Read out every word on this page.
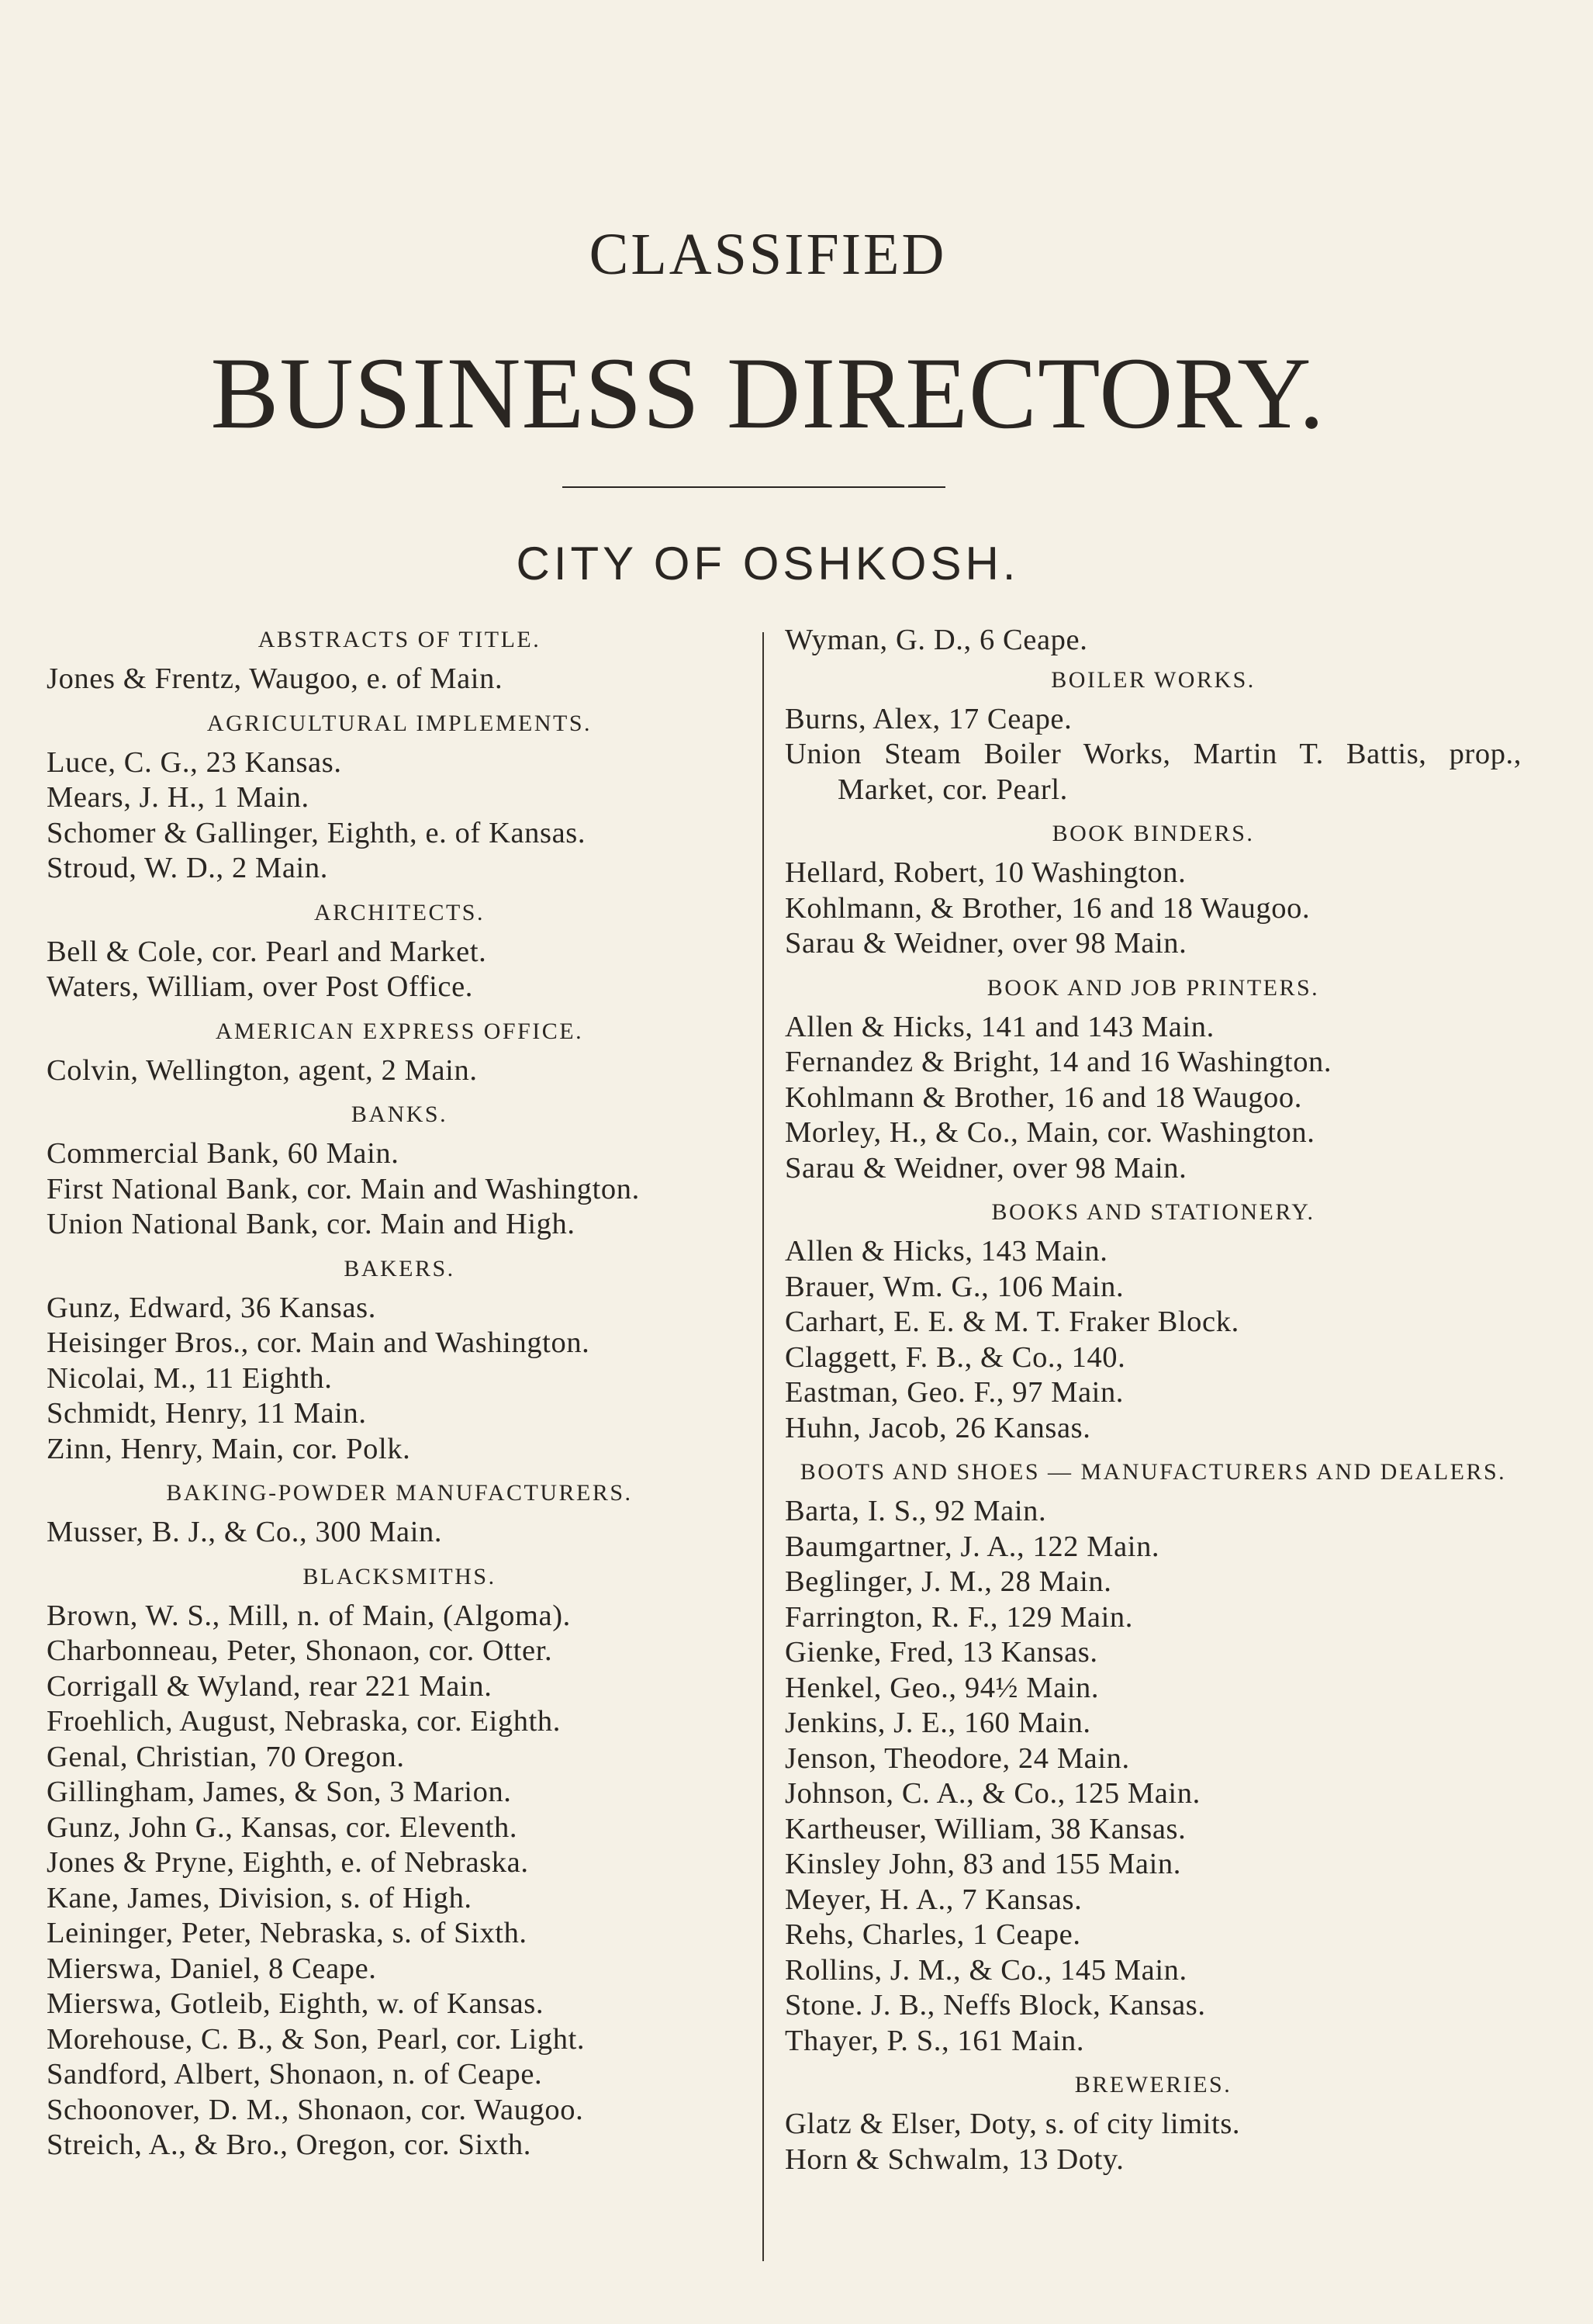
CLASSIFIED
BUSINESS DIRECTORY.
CITY OF OSHKOSH.
ABSTRACTS OF TITLE.
Jones & Frentz, Waugoo, e. of Main.
AGRICULTURAL IMPLEMENTS.
Luce, C. G., 23 Kansas.
Mears, J. H., 1 Main.
Schomer & Gallinger, Eighth, e. of Kansas.
Stroud, W. D., 2 Main.
ARCHITECTS.
Bell & Cole, cor. Pearl and Market.
Waters, William, over Post Office.
AMERICAN EXPRESS OFFICE.
Colvin, Wellington, agent, 2 Main.
BANKS.
Commercial Bank, 60 Main.
First National Bank, cor. Main and Washington.
Union National Bank, cor. Main and High.
BAKERS.
Gunz, Edward, 36 Kansas.
Heisinger Bros., cor. Main and Washington.
Nicolai, M., 11 Eighth.
Schmidt, Henry, 11 Main.
Zinn, Henry, Main, cor. Polk.
BAKING-POWDER MANUFACTURERS.
Musser, B. J., & Co., 300 Main.
BLACKSMITHS.
Brown, W. S., Mill, n. of Main, (Algoma).
Charbonneau, Peter, Shonaon, cor. Otter.
Corrigall & Wyland, rear 221 Main.
Froehlich, August, Nebraska, cor. Eighth.
Genal, Christian, 70 Oregon.
Gillingham, James, & Son, 3 Marion.
Gunz, John G., Kansas, cor. Eleventh.
Jones & Pryne, Eighth, e. of Nebraska.
Kane, James, Division, s. of High.
Leininger, Peter, Nebraska, s. of Sixth.
Mierswa, Daniel, 8 Ceape.
Mierswa, Gotleib, Eighth, w. of Kansas.
Morehouse, C. B., & Son, Pearl, cor. Light.
Sandford, Albert, Shonaon, n. of Ceape.
Schoonover, D. M., Shonaon, cor. Waugoo.
Streich, A., & Bro., Oregon, cor. Sixth.
Wyman, G. D., 6 Ceape.
BOILER WORKS.
Burns, Alex, 17 Ceape.
Union Steam Boiler Works, Martin T. Battis, prop., Market, cor. Pearl.
BOOK BINDERS.
Hellard, Robert, 10 Washington.
Kohlmann, & Brother, 16 and 18 Waugoo.
Sarau & Weidner, over 98 Main.
BOOK AND JOB PRINTERS.
Allen & Hicks, 141 and 143 Main.
Fernandez & Bright, 14 and 16 Washington.
Kohlmann & Brother, 16 and 18 Waugoo.
Morley, H., & Co., Main, cor. Washington.
Sarau & Weidner, over 98 Main.
BOOKS AND STATIONERY.
Allen & Hicks, 143 Main.
Brauer, Wm. G., 106 Main.
Carhart, E. E. & M. T. Fraker Block.
Claggett, F. B., & Co., 140.
Eastman, Geo. F., 97 Main.
Huhn, Jacob, 26 Kansas.
BOOTS AND SHOES — MANUFACTURERS AND DEALERS.
Barta, I. S., 92 Main.
Baumgartner, J. A., 122 Main.
Beglinger, J. M., 28 Main.
Farrington, R. F., 129 Main.
Gienke, Fred, 13 Kansas.
Henkel, Geo., 94½ Main.
Jenkins, J. E., 160 Main.
Jenson, Theodore, 24 Main.
Johnson, C. A., & Co., 125 Main.
Kartheuser, William, 38 Kansas.
Kinsley John, 83 and 155 Main.
Meyer, H. A., 7 Kansas.
Rehs, Charles, 1 Ceape.
Rollins, J. M., & Co., 145 Main.
Stone. J. B., Neffs Block, Kansas.
Thayer, P. S., 161 Main.
BREWERIES.
Glatz & Elser, Doty, s. of city limits.
Horn & Schwalm, 13 Doty.
